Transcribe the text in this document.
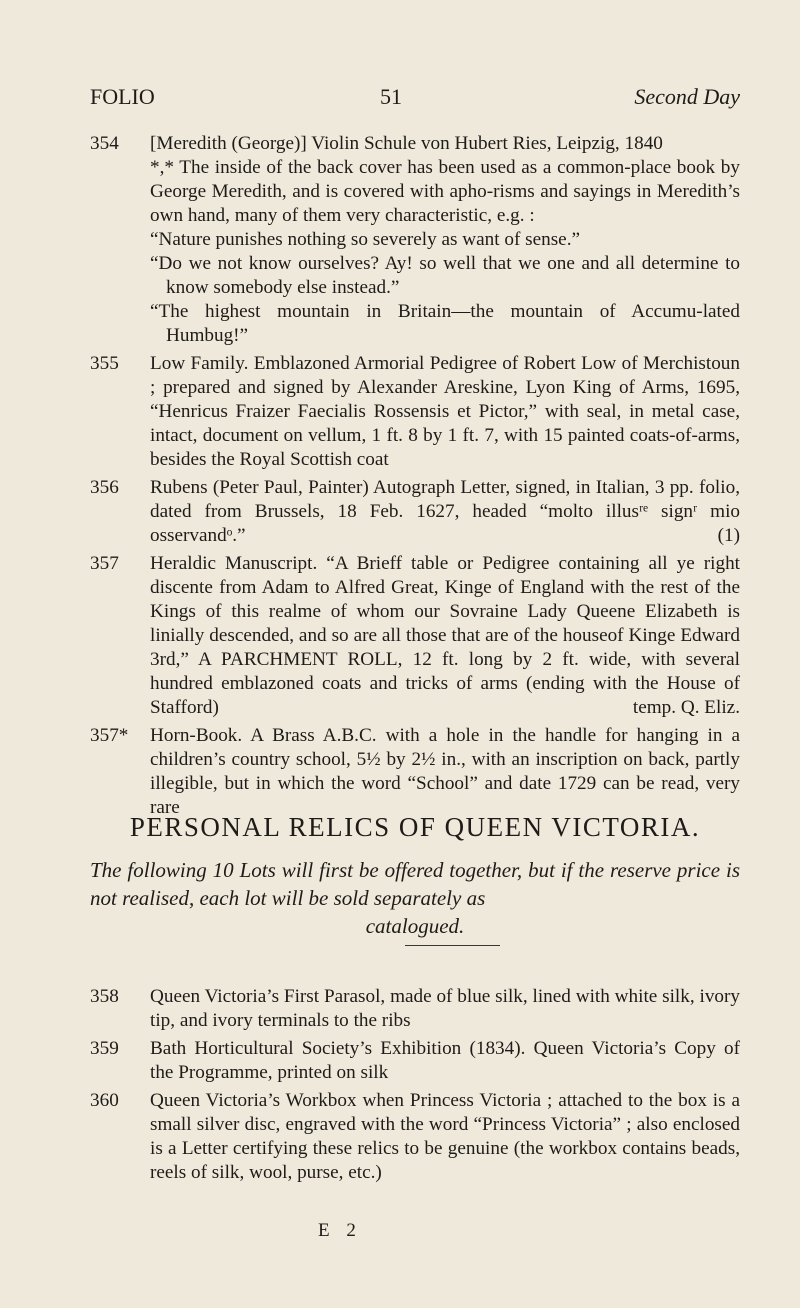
FOLIO	51	Second Day
354	[Meredith (George)] Violin Schule von Hubert Ries, Leipzig, 1840

*,* The inside of the back cover has been used as a common-place book by George Meredith, and is covered with apho-risms and sayings in Meredith’s own hand, many of them very characteristic, e.g. :

“Nature punishes nothing so severely as want of sense.”

“Do we not know ourselves? Ay! so well that we one and all determine to know somebody else instead.”

“The highest mountain in Britain—the mountain of Accumu-lated Humbug!”

355	Low Family. Emblazoned Armorial Pedigree of Robert Low of Merchistoun ; prepared and signed by Alexander Areskine, Lyon King of Arms, 1695, “Henricus Fraizer Faecialis Rossensis et Pictor,” with seal, in metal case, intact, document on vellum, 1 ft. 8 by 1 ft. 7, with 15 painted coats-of-arms, besides the Royal Scottish coat

356	Rubens (Peter Paul, Painter) Autograph Letter, signed, in Italian, 3 pp. folio, dated from Brussels, 18 Feb. 1627, headed “molto illusʳᵉ signʳ mio osservandᵒ.”	(1)

357	Heraldic Manuscript. “A Brieff table or Pedigree containing all ye right discente from Adam to Alfred Great, Kinge of England with the rest of the Kings of this realme of whom our Sovraine Lady Queene Elizabeth is linially descended, and so are all those that are of the houseof Kinge Edward 3rd,” A PARCHMENT ROLL, 12 ft. long by 2 ft. wide, with several hundred emblazoned coats and tricks of arms (ending with the House of Stafford)	temp. Q. Eliz.

357*	Horn-Book. A Brass A.B.C. with a hole in the handle for hanging in a children’s country school, 5½ by 2½ in., with an inscription on back, partly illegible, but in which the word “School” and date 1729 can be read, very rare

PERSONAL RELICS OF QUEEN VICTORIA.
The following 10 Lots will first be offered together, but if the reserve price is not realised, each lot will be sold separately as
catalogued.
358	Queen Victoria’s First Parasol, made of blue silk, lined with white silk, ivory tip, and ivory terminals to the ribs

359	Bath Horticultural Society’s Exhibition (1834). Queen Victoria’s Copy of the Programme, printed on silk

360	Queen Victoria’s Workbox when Princess Victoria ; attached to the box is a small silver disc, engraved with the word “Princess Victoria” ; also enclosed is a Letter certifying these relics to be genuine (the workbox contains beads, reels of silk, wool, purse, etc.)

E 2
